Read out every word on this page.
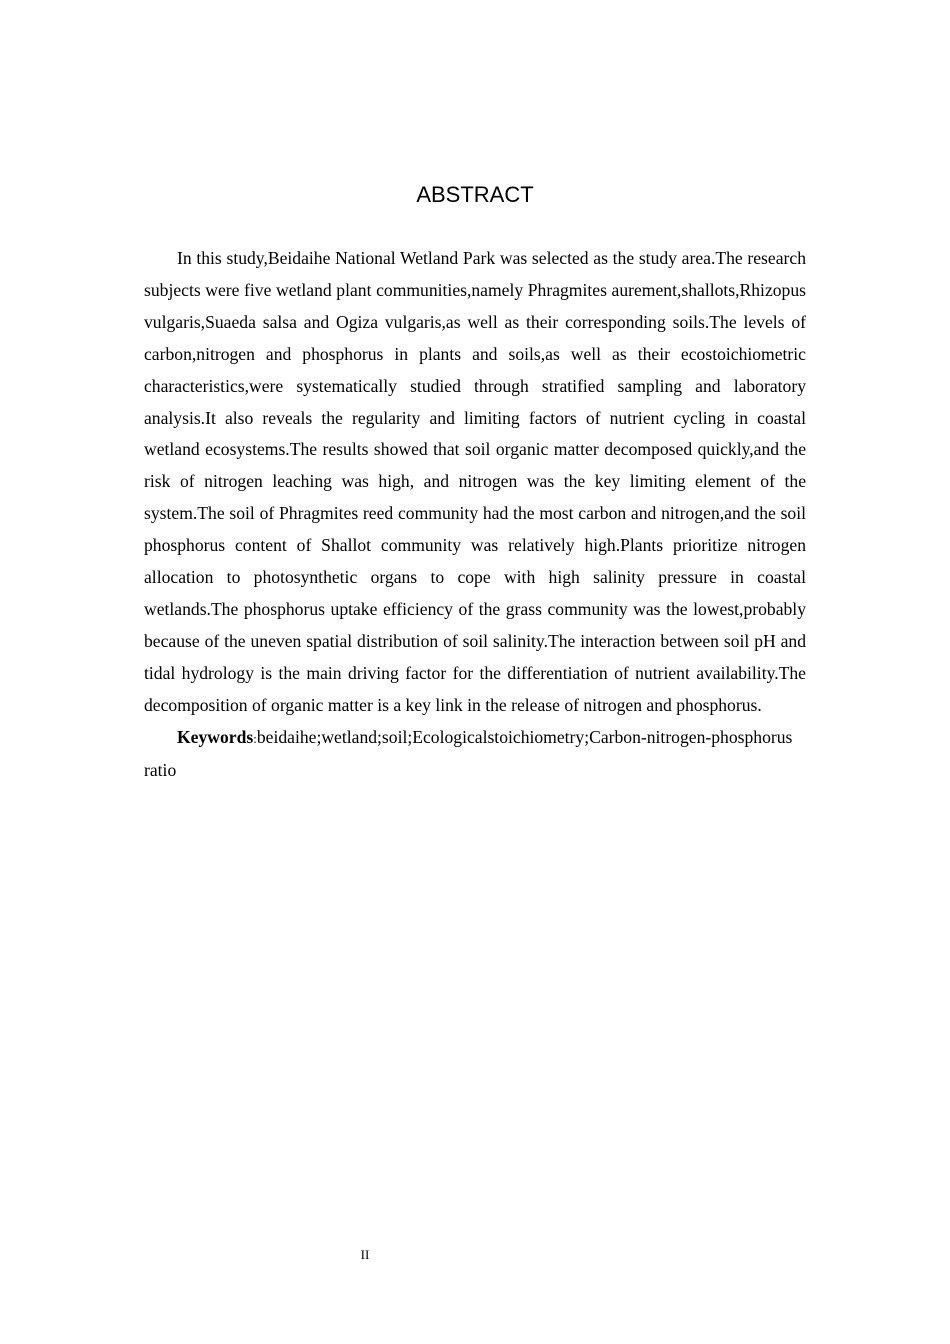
ABSTRACT

In this study,Beidaihe National Wetland Park was selected as the study area.The research subjects were five wetland plant communities,namely Phragmites aurement,shallots,Rhizopus vulgaris,Suaeda salsa and Ogiza vulgaris,as well as their corresponding soils.The levels of carbon,nitrogen and phosphorus in plants and soils,as well as their ecostoichiometric characteristics,were systematically studied through stratified sampling and laboratory analysis.It also reveals the regularity and limiting factors of nutrient cycling in coastal wetland ecosystems.The results showed that soil organic matter decomposed quickly,and the risk of nitrogen leaching was high, and nitrogen was the key limiting element of the system.The soil of Phragmites reed community had the most carbon and nitrogen,and the soil phosphorus content of Shallot community was relatively high.Plants prioritize nitrogen allocation to photosynthetic organs to cope with high salinity pressure in coastal wetlands.The phosphorus uptake efficiency of the grass community was the lowest,probably because of the uneven spatial distribution of soil salinity.The interaction between soil pH and tidal hydrology is the main driving factor for the differentiation of nutrient availability.The decomposition of organic matter is a key link in the release of nitrogen and phosphorus.

Keywords:beidaihe;wetland;soil;Ecologicalstoichiometry;Carbon-nitrogen-phosphorus ratio

II
